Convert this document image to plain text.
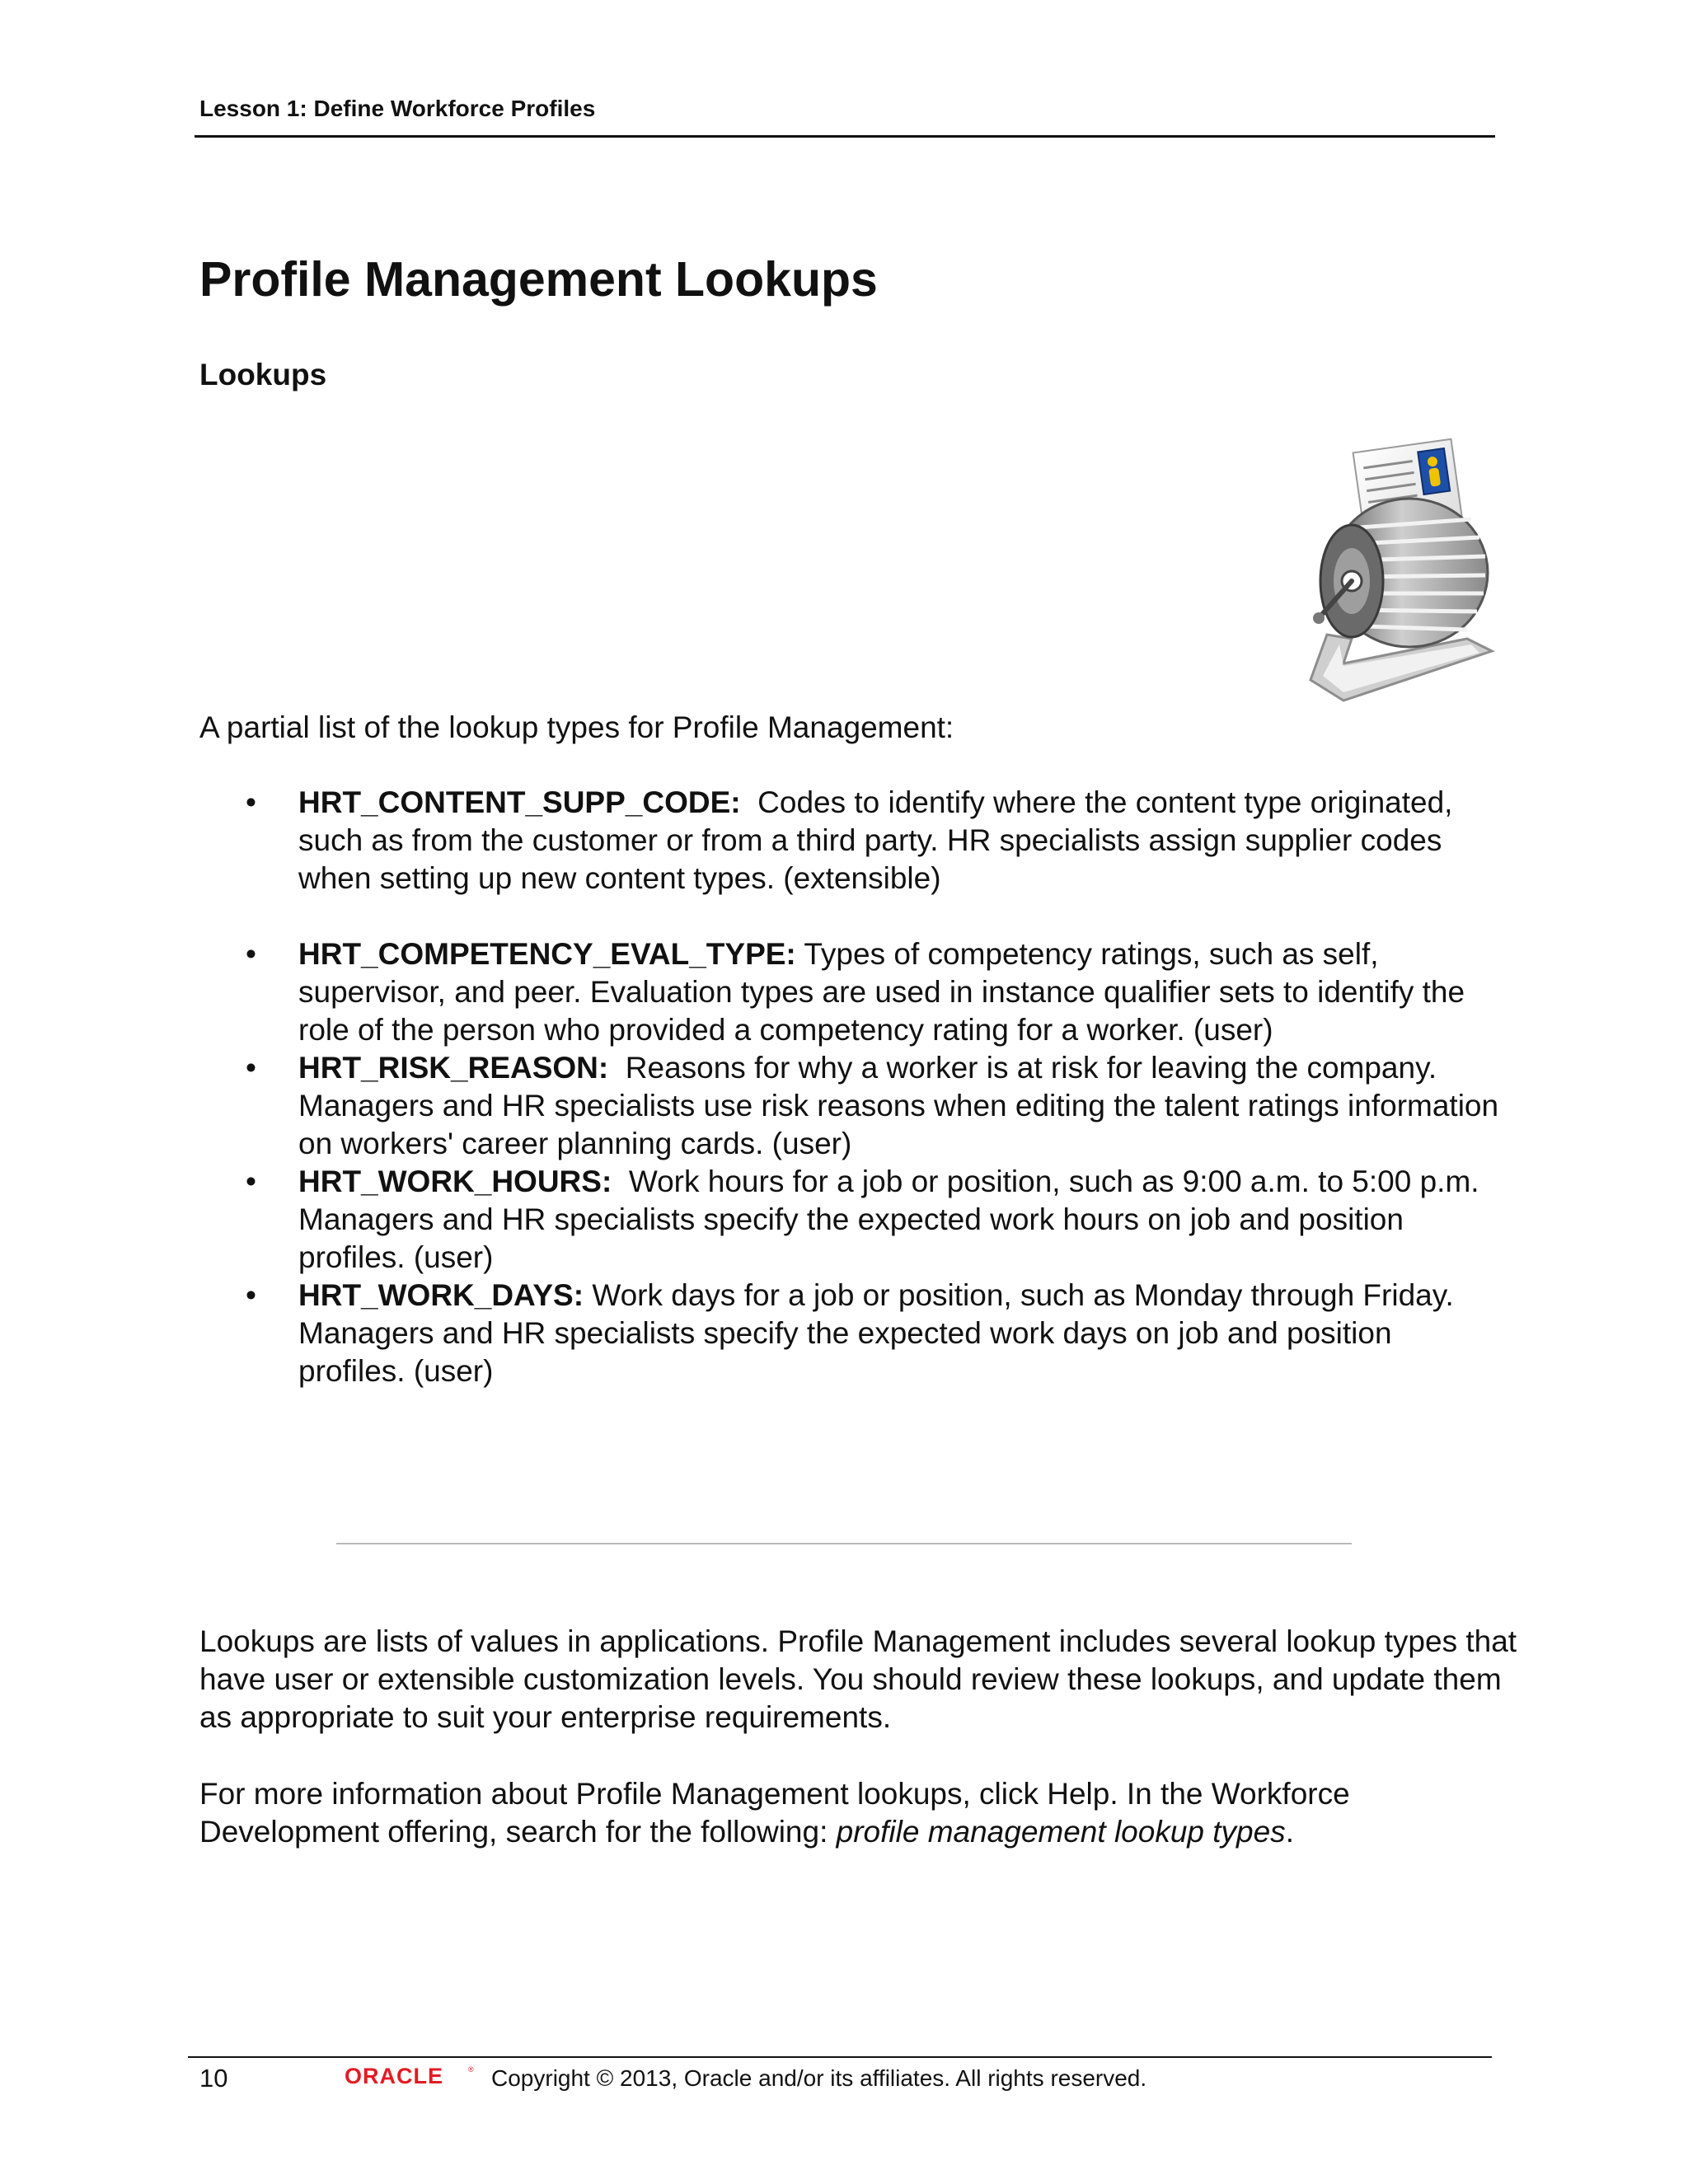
Lesson 1: Define Workforce Profiles
Profile Management Lookups
Lookups

A partial list of the lookup types for Profile Management:

• HRT_CONTENT_SUPP_CODE: Codes to identify where the content type originated, such as from the customer or from a third party. HR specialists assign supplier codes when setting up new content types. (extensible)
• HRT_COMPETENCY_EVAL_TYPE: Types of competency ratings, such as self, supervisor, and peer. Evaluation types are used in instance qualifier sets to identify the role of the person who provided a competency rating for a worker. (user)
• HRT_RISK_REASON: Reasons for why a worker is at risk for leaving the company. Managers and HR specialists use risk reasons when editing the talent ratings information on workers' career planning cards. (user)
• HRT_WORK_HOURS: Work hours for a job or position, such as 9:00 a.m. to 5:00 p.m. Managers and HR specialists specify the expected work hours on job and position profiles. (user)
• HRT_WORK_DAYS: Work days for a job or position, such as Monday through Friday. Managers and HR specialists specify the expected work days on job and position profiles. (user)

Lookups are lists of values in applications. Profile Management includes several lookup types that have user or extensible customization levels. You should review these lookups, and update them as appropriate to suit your enterprise requirements.

For more information about Profile Management lookups, click Help. In the Workforce Development offering, search for the following: profile management lookup types.

10	ORACLE	® Copyright © 2013, Oracle and/or its affiliates. All rights reserved.
